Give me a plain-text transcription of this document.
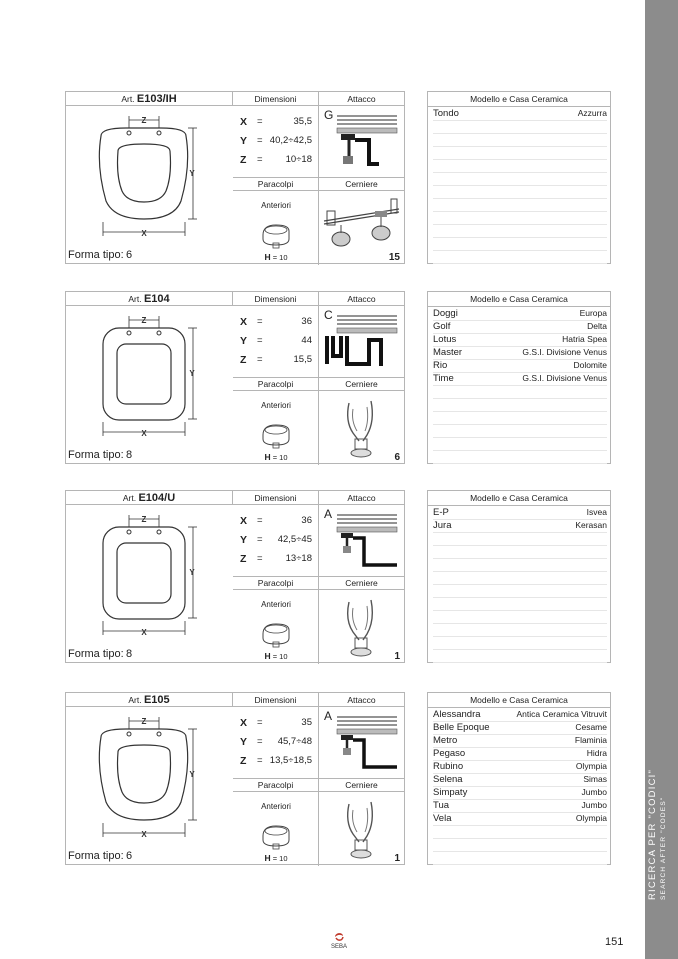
RICERCA PER "CODICI" SEARCH AFTER "CODES"
Art. E103/IH	Dimensioni	Attacco
Z
Y
X
Forma tipo: 6
X =	35,5
Y = 40,2÷42,5
Z = 10÷18
G
Paracolpi	Cerniere
Anteriori
H = 10	15
Modello e Casa Ceramica
Tondo	Azzurra
Art. E104	Dimensioni	Attacco
Z
Y
X
Forma tipo: 8
X =	36
Y =	44
Z =	15,5
C
Paracolpi	Cerniere
Anteriori
H = 10	6
Modello e Casa Ceramica
Doggi	Europa
Golf	Delta
Lotus	Hatria Spea
Master	G.S.I. Divisione Venus
Rio	Dolomite
Time	G.S.I. Divisione Venus
Art. E104/U	Dimensioni	Attacco
Z
Y
X
Forma tipo: 8
X =	36
Y = 42,5÷45
Z = 13÷18
A
Paracolpi	Cerniere
Anteriori
H = 10	1
Modello e Casa Ceramica
E-P	Isvea
Jura	Kerasan
Art. E105	Dimensioni	Attacco
Z
Y
X
Forma tipo: 6
X =	35
Y = 45,7÷48
Z = 13,5÷18,5
A
Paracolpi	Cerniere
Anteriori
H = 10	1
Modello e Casa Ceramica
Alessandra	Antica Ceramica Vitruvit
Belle Epoque	Cesame
Metro	Flaminia
Pegaso	Hidra
Rubino	Olympia
Selena	Simas
Simpaty	Jumbo
Tua	Jumbo
Vela	Olympia
SEBA	151
